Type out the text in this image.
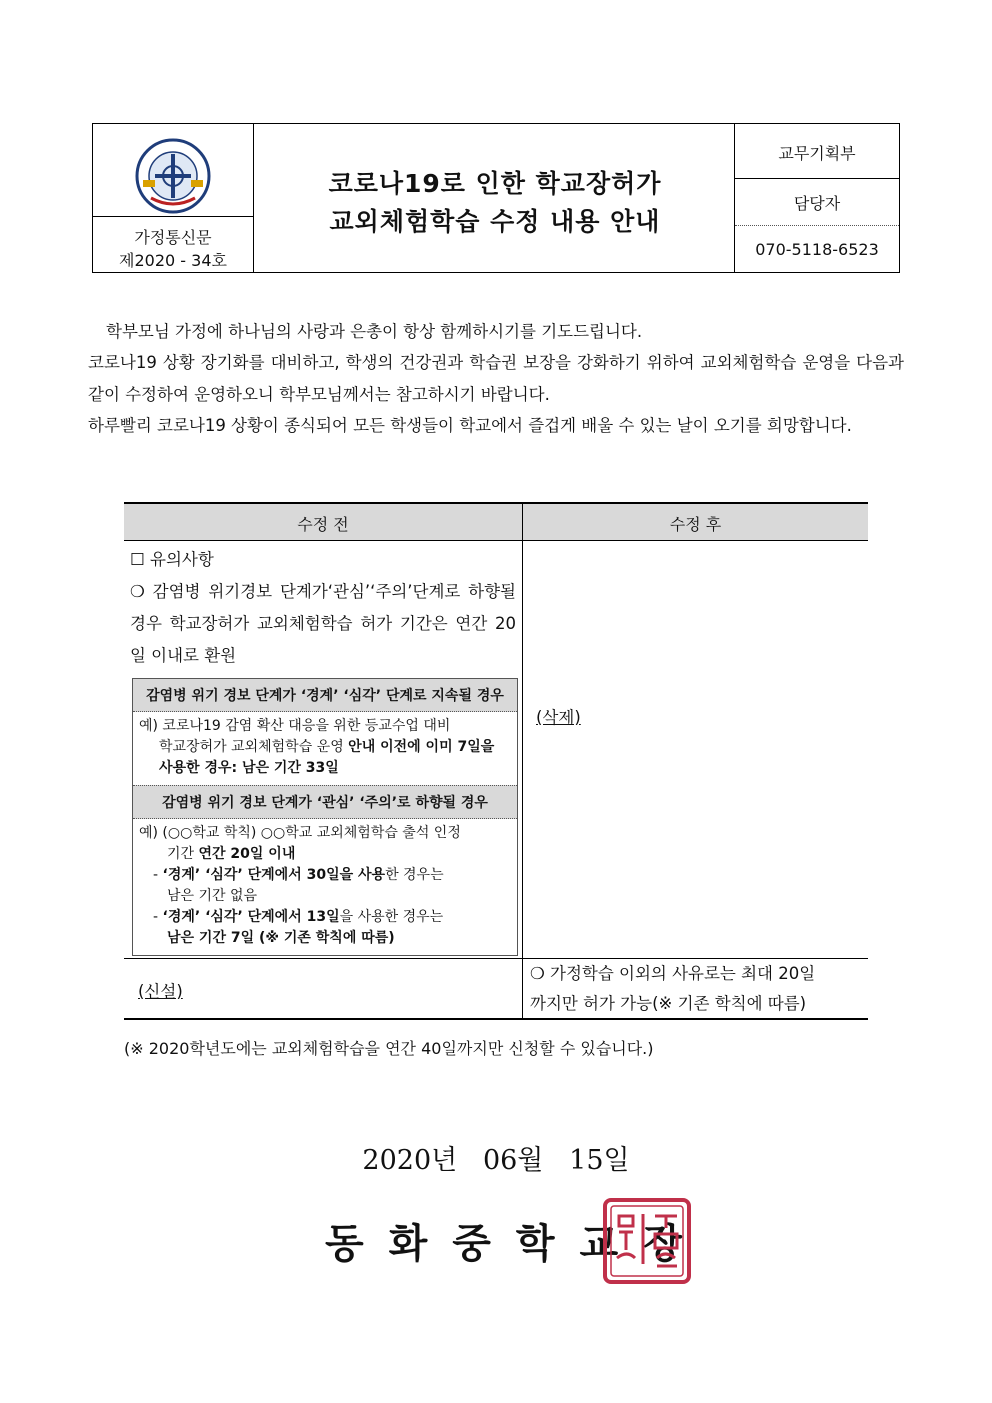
가정통신문
제2020 - 34호
코로나19로 인한 학교장허가
교외체험학습 수정 내용 안내
교무기획부
담당자
070-5118-6523
학부모님 가정에 하나님의 사랑과 은총이 항상 함께하시기를 기도드립니다.
코로나19 상황 장기화를 대비하고, 학생의 건강권과 학습권 보장을 강화하기 위하여 교외체험학습 운영을 다음과 같이 수정하여 운영하오니 학부모님께서는 참고하시기 바랍니다.
하루빨리 코로나19 상황이 종식되어 모든 학생들이 학교에서 즐겁게 배울 수 있는 날이 오기를 희망합니다.
수정 전	수정 후
☐ 유의사항
❍ 감염병 위기경보 단계가‘관심’‘주의’단계로 하향될 경우 학교장허가 교외체험학습 허가 기간은 연간 20일 이내로 환원
감염병 위기 경보 단계가 ‘경계’ ‘심각’ 단계로 지속될 경우
예) 코로나19 감염 확산 대응을 위한 등교수업 대비
학교장허가 교외체험학습 운영 안내 이전에 이미 7일을
사용한 경우: 남은 기간 33일
감염병 위기 경보 단계가 ‘관심’ ‘주의’로 하향될 경우
예) (○○학교 학칙) ○○학교 교외체험학습 출석 인정
기간 연간 20일 이내
- ‘경계’ ‘심각’ 단계에서 30일을 사용한 경우는
남은 기간 없음
- ‘경계’ ‘심각’ 단계에서 13일을 사용한 경우는
남은 기간 7일 (※ 기존 학칙에 따름)
(삭제)
(신설)
❍ 가정학습 이외의 사유로는 최대 20일
까지만 허가 가능(※ 기존 학칙에 따름)
(※ 2020학년도에는 교외체험학습을 연간 40일까지만 신청할 수 있습니다.)
2020년   06월   15일
동화중학교장
